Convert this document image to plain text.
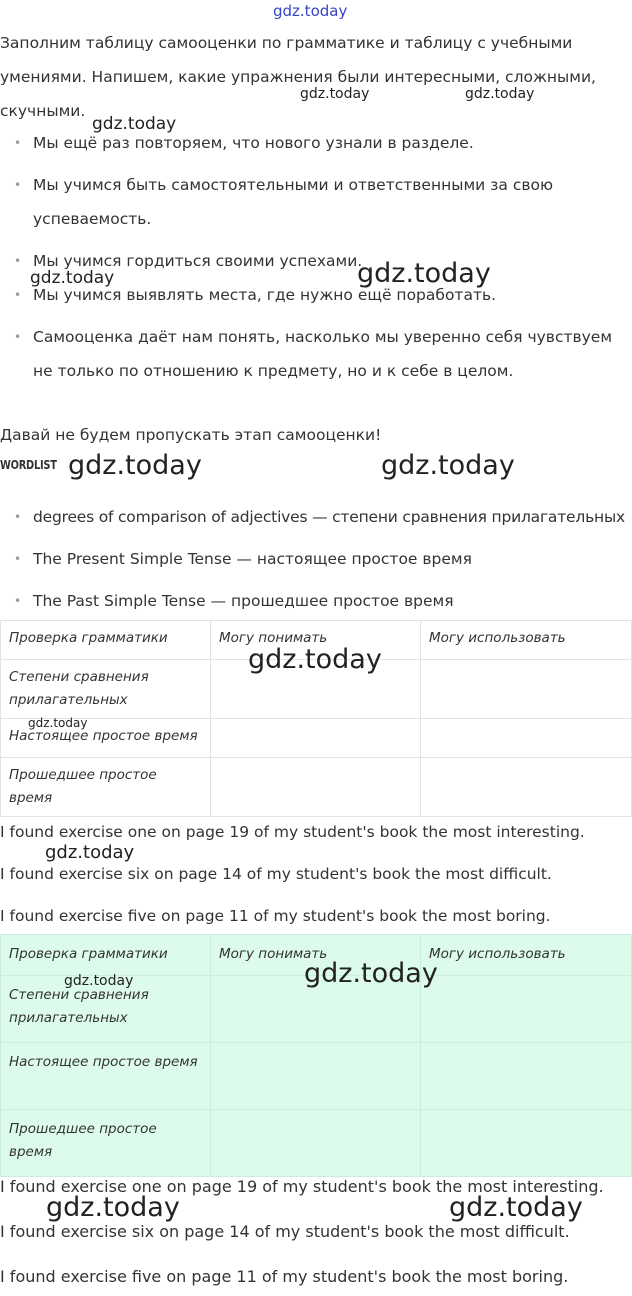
gdz.today

gdz.today	gdz.today

gdz.today

gdz.today	gdz.today

gdz.today	gdz.today

gdz.today

gdz.today

gdz.today

gdz.today	gdz.today

gdz.today	gdz.today

Заполним таблицу самооценки по грамматике и таблицу с учебными умениями. Напишем, какие упражнения были интересными, сложными, скучными.

• Мы ещё раз повторяем, что нового узнали в разделе.
• Мы учимся быть самостоятельными и ответственными за свою успеваемость.
• Мы учимся гордиться своими успехами.
• Мы учимся выявлять места, где нужно ещё поработать.
• Самооценка даёт нам понять, насколько мы уверенно себя чувствуем не только по отношению к предмету, но и к себе в целом.

Давай не будем пропускать этап самооценки!

WORDLIST
• degrees of comparison of adjectives — степени сравнения прилагательных
• The Present Simple Tense — настоящее простое время
• The Past Simple Tense — прошедшее простое время
Проверка грамматики	Могу понимать	Могу использовать
Степени сравнения прилагательных		
Настоящее простое время		
Прошедшее простое время		

I found exercise one on page 19 of my student's book the most interesting.

I found exercise six on page 14 of my student's book the most difficult.

I found exercise five on page 11 of my student's book the most boring.

Проверка грамматики	Могу понимать	Могу использовать
Степени сравнения прилагательных		
Настоящее простое время		
Прошедшее простое время		

I found exercise one on page 19 of my student's book the most interesting.

I found exercise six on page 14 of my student's book the most difficult.

I found exercise five on page 11 of my student's book the most boring.
